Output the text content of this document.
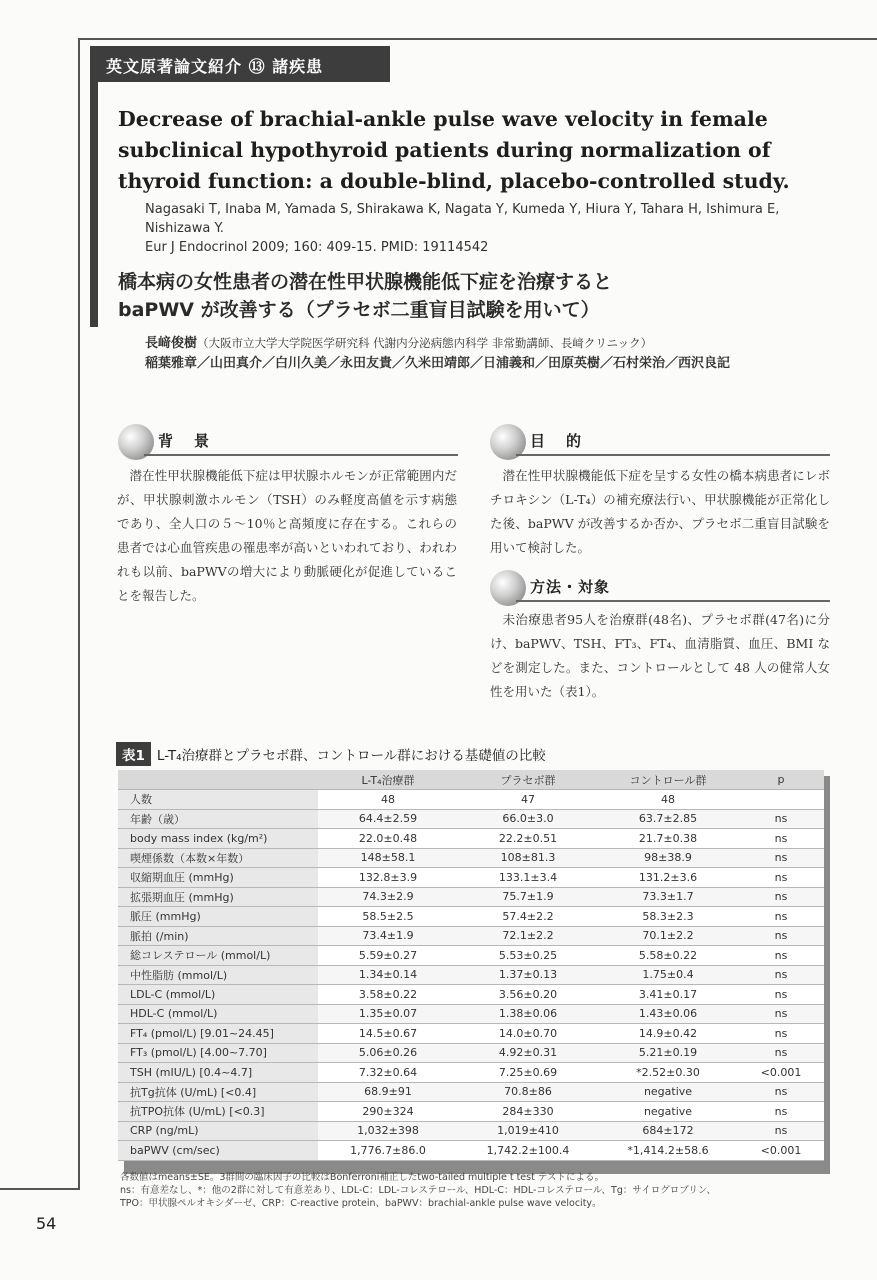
54
英文原著論文紹介 ⑬ 諸疾患
Decrease of brachial-ankle pulse wave velocity in female subclinical hypothyroid patients during normalization of thyroid function: a double-blind, placebo-controlled study.
Nagasaki T, Inaba M, Yamada S, Shirakawa K, Nagata Y, Kumeda Y, Hiura Y, Tahara H, Ishimura E, Nishizawa Y.
Eur J Endocrinol 2009; 160: 409-15. PMID: 19114542
橋本病の女性患者の潜在性甲状腺機能低下症を治療すると
baPWV が改善する（プラセボ二重盲目試験を用いて）
長﨑俊樹（大阪市立大学大学院医学研究科 代謝内分泌病態内科学 非常勤講師、長﨑クリニック）
稲葉雅章／山田真介／白川久美／永田友貴／久米田靖郎／日浦義和／田原英樹／石村栄治／西沢良記
背　景
潜在性甲状腺機能低下症は甲状腺ホルモンが正常範囲内だが、甲状腺刺激ホルモン（TSH）のみ軽度高値を示す病態であり、全人口の５～10％と高頻度に存在する。これらの患者では心血管疾患の罹患率が高いといわれており、われわれも以前、baPWVの増大により動脈硬化が促進していることを報告した。
目　的
潜在性甲状腺機能低下症を呈する女性の橋本病患者にレボチロキシン（L-T₄）の補充療法行い、甲状腺機能が正常化した後、baPWV が改善するか否か、プラセボ二重盲目試験を用いて検討した。
方法・対象
未治療患者95人を治療群(48名)、プラセボ群(47名)に分け、baPWV、TSH、FT₃、FT₄、血清脂質、血圧、BMI などを測定した。また、コントロールとして 48 人の健常人女性を用いた（表1）。
表1 L-T₄治療群とプラセボ群、コントロール群における基礎値の比較
	L-T₄治療群	プラセボ群	コントロール群	p
人数	48	47	48	
年齢（歳）	64.4±2.59	66.0±3.0	63.7±2.85	ns
body mass index (kg/m²)	22.0±0.48	22.2±0.51	21.7±0.38	ns
喫煙係数（本数×年数）	148±58.1	108±81.3	98±38.9	ns
収縮期血圧 (mmHg)	132.8±3.9	133.1±3.4	131.2±3.6	ns
拡張期血圧 (mmHg)	74.3±2.9	75.7±1.9	73.3±1.7	ns
脈圧 (mmHg)	58.5±2.5	57.4±2.2	58.3±2.3	ns
脈拍 (/min)	73.4±1.9	72.1±2.2	70.1±2.2	ns
総コレステロール (mmol/L)	5.59±0.27	5.53±0.25	5.58±0.22	ns
中性脂肪 (mmol/L)	1.34±0.14	1.37±0.13	1.75±0.4	ns
LDL-C (mmol/L)	3.58±0.22	3.56±0.20	3.41±0.17	ns
HDL-C (mmol/L)	1.35±0.07	1.38±0.06	1.43±0.06	ns
FT₄ (pmol/L) [9.01~24.45]	14.5±0.67	14.0±0.70	14.9±0.42	ns
FT₃ (pmol/L) [4.00~7.70]	5.06±0.26	4.92±0.31	5.21±0.19	ns
TSH (mIU/L) [0.4~4.7]	7.32±0.64	7.25±0.69	*2.52±0.30	<0.001
抗Tg抗体 (U/mL) [<0.4]	68.9±91	70.8±86	negative	ns
抗TPO抗体 (U/mL) [<0.3]	290±324	284±330	negative	ns
CRP (ng/mL)	1,032±398	1,019±410	684±172	ns
baPWV (cm/sec)	1,776.7±86.0	1,742.2±100.4	*1,414.2±58.6	<0.001
各数値はmeans±SE。3群間の臨床因子の比較はBonferroni補正したtwo-tailed multiple t test テストによる。
ns：有意差なし、*：他の2群に対して有意差あり、LDL-C：LDL-コレステロール、HDL-C：HDL-コレステロール、Tg：サイログロブリン、
TPO：甲状腺ペルオキシダーゼ、CRP：C-reactive protein、baPWV：brachial-ankle pulse wave velocity。
